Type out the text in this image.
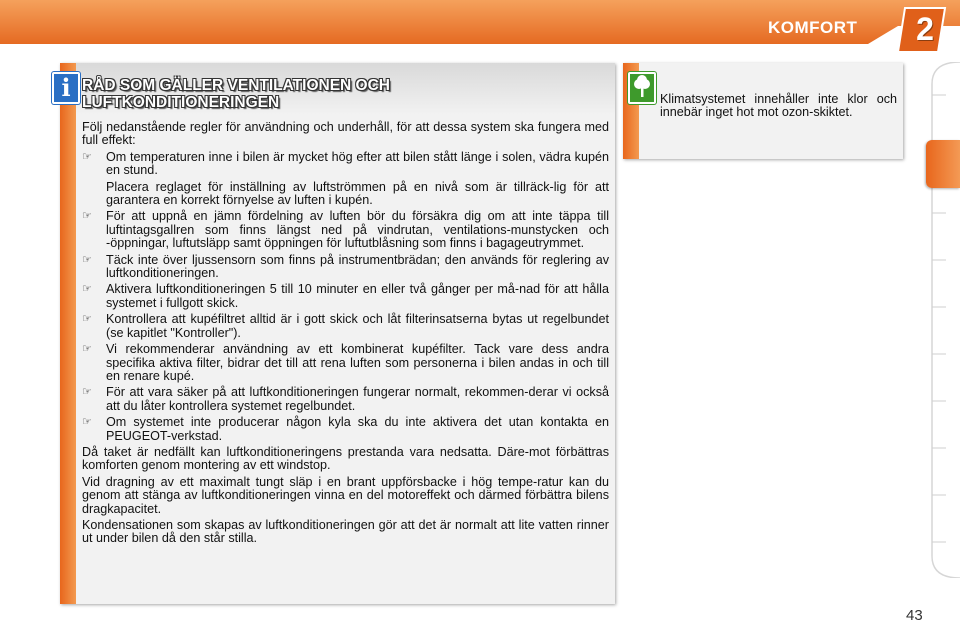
KOMFORT 2
i RÅD SOM GÄLLER VENTILATIONEN OCH
LUFTKONDITIONERINGEN

Följ nedanstående regler för användning och underhåll, för att dessa system ska fungera med full effekt:

☞ Om temperaturen inne i bilen är mycket hög efter att bilen stått länge i solen, vädra kupén en stund.
Placera reglaget för inställning av luftströmmen på en nivå som är tillräck-lig för att garantera en korrekt förnyelse av luften i kupén.
☞ För att uppnå en jämn fördelning av luften bör du försäkra dig om att inte täppa till luftintagsgallren som finns längst ned på vindrutan, ventilations-munstycken och -öppningar, luftutsläpp samt öppningen för luftutblåsning som finns i bagageutrymmet.
☞ Täck inte över ljussensorn som finns på instrumentbrädan; den används för reglering av luftkonditioneringen.
☞ Aktivera luftkonditioneringen 5 till 10 minuter en eller två gånger per må-nad för att hålla systemet i fullgott skick.
☞ Kontrollera att kupéfiltret alltid är i gott skick och låt filterinsatserna bytas ut regelbundet (se kapitlet "Kontroller").
☞ Vi rekommenderar användning av ett kombinerat kupéfilter. Tack vare dess andra specifika aktiva filter, bidrar det till att rena luften som personerna i bilen andas in och till en renare kupé.
☞ För att vara säker på att luftkonditioneringen fungerar normalt, rekommen-derar vi också att du låter kontrollera systemet regelbundet.
☞ Om systemet inte producerar någon kyla ska du inte aktivera det utan kontakta en PEUGEOT-verkstad.

Då taket är nedfällt kan luftkonditioneringens prestanda vara nedsatta. Däre-mot förbättras komforten genom montering av ett windstop.

Vid dragning av ett maximalt tungt släp i en brant uppförsbacke i hög tempe-ratur kan du genom att stänga av luftkonditioneringen vinna en del motoreffekt och därmed förbättra bilens dragkapacitet.

Kondensationen som skapas av luftkonditioneringen gör att det är normalt att lite vatten rinner ut under bilen då den står stilla.

Klimatsystemet innehåller inte klor och innebär inget hot mot ozon-skiktet.
43
